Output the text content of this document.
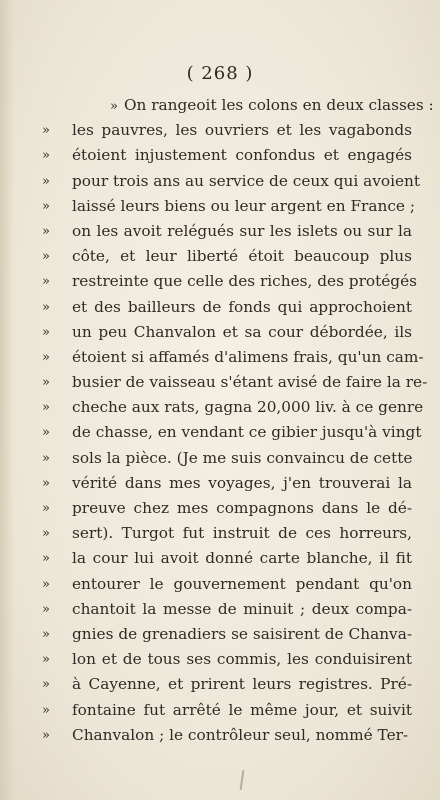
( 268 )
» On rangeoit les colons en deux classes :
» les pauvres, les ouvriers et les vagabonds
» étoient injustement confondus et engagés
» pour trois ans au service de ceux qui avoient
» laissé leurs biens ou leur argent en France ;
» on les avoit relégués sur les islets ou sur la
» côte, et leur liberté étoit beaucoup plus
» restreinte que celle des riches, des protégés
» et des bailleurs de fonds qui approchoient
» un peu Chanvalon et sa cour débordée, ils
» étoient si affamés d'alimens frais, qu'un cam-
» busier de vaisseau s'étant avisé de faire la re-
» cheche aux rats, gagna 20,000 liv. à ce genre
» de chasse, en vendant ce gibier jusqu'à vingt
» sols la pièce. (Je me suis convaincu de cette
» vérité dans mes voyages, j'en trouverai la
» preuve chez mes compagnons dans le dé-
» sert). Turgot fut instruit de ces horreurs,
» la cour lui avoit donné carte blanche, il fit
» entourer le gouvernement pendant qu'on
» chantoit la messe de minuit ; deux compa-
» gnies de grenadiers se saisirent de Chanva-
» lon et de tous ses commis, les conduisirent
» à Cayenne, et prirent leurs registres. Pré-
» fontaine fut arrêté le même jour, et suivit
» Chanvalon ; le contrôleur seul, nommé Ter-
